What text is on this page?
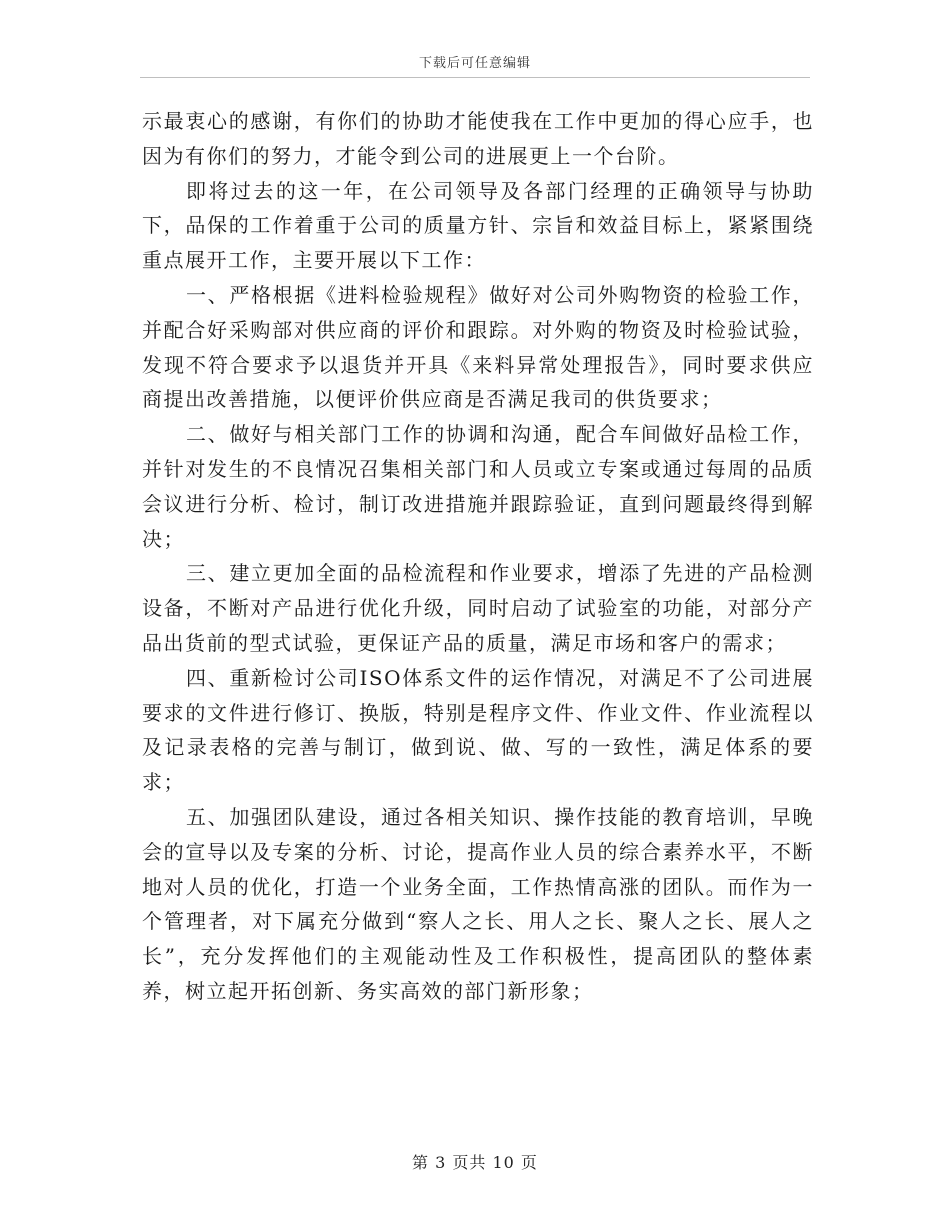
下载后可任意编辑

示最衷心的感谢，有你们的协助才能使我在工作中更加的得心应手，也因为有你们的努力，才能令到公司的进展更上一个台阶。

即将过去的这一年，在公司领导及各部门经理的正确领导与协助下，品保的工作着重于公司的质量方针、宗旨和效益目标上，紧紧围绕重点展开工作，主要开展以下工作：

一、严格根据《进料检验规程》做好对公司外购物资的检验工作，并配合好采购部对供应商的评价和跟踪。对外购的物资及时检验试验，发现不符合要求予以退货并开具《来料异常处理报告》，同时要求供应商提出改善措施，以便评价供应商是否满足我司的供货要求；

二、做好与相关部门工作的协调和沟通，配合车间做好品检工作，并针对发生的不良情况召集相关部门和人员或立专案或通过每周的品质会议进行分析、检讨，制订改进措施并跟踪验证，直到问题最终得到解决；

三、建立更加全面的品检流程和作业要求，增添了先进的产品检测设备，不断对产品进行优化升级，同时启动了试验室的功能，对部分产品出货前的型式试验，更保证产品的质量，满足市场和客户的需求；

四、重新检讨公司ISO体系文件的运作情况，对满足不了公司进展要求的文件进行修订、换版，特别是程序文件、作业文件、作业流程以及记录表格的完善与制订，做到说、做、写的一致性，满足体系的要求；

五、加强团队建设，通过各相关知识、操作技能的教育培训，早晚会的宣导以及专案的分析、讨论，提高作业人员的综合素养水平，不断地对人员的优化，打造一个业务全面，工作热情高涨的团队。而作为一个管理者，对下属充分做到“察人之长、用人之长、聚人之长、展人之长”，充分发挥他们的主观能动性及工作积极性，提高团队的整体素养，树立起开拓创新、务实高效的部门新形象；

第 3 页共 10 页
